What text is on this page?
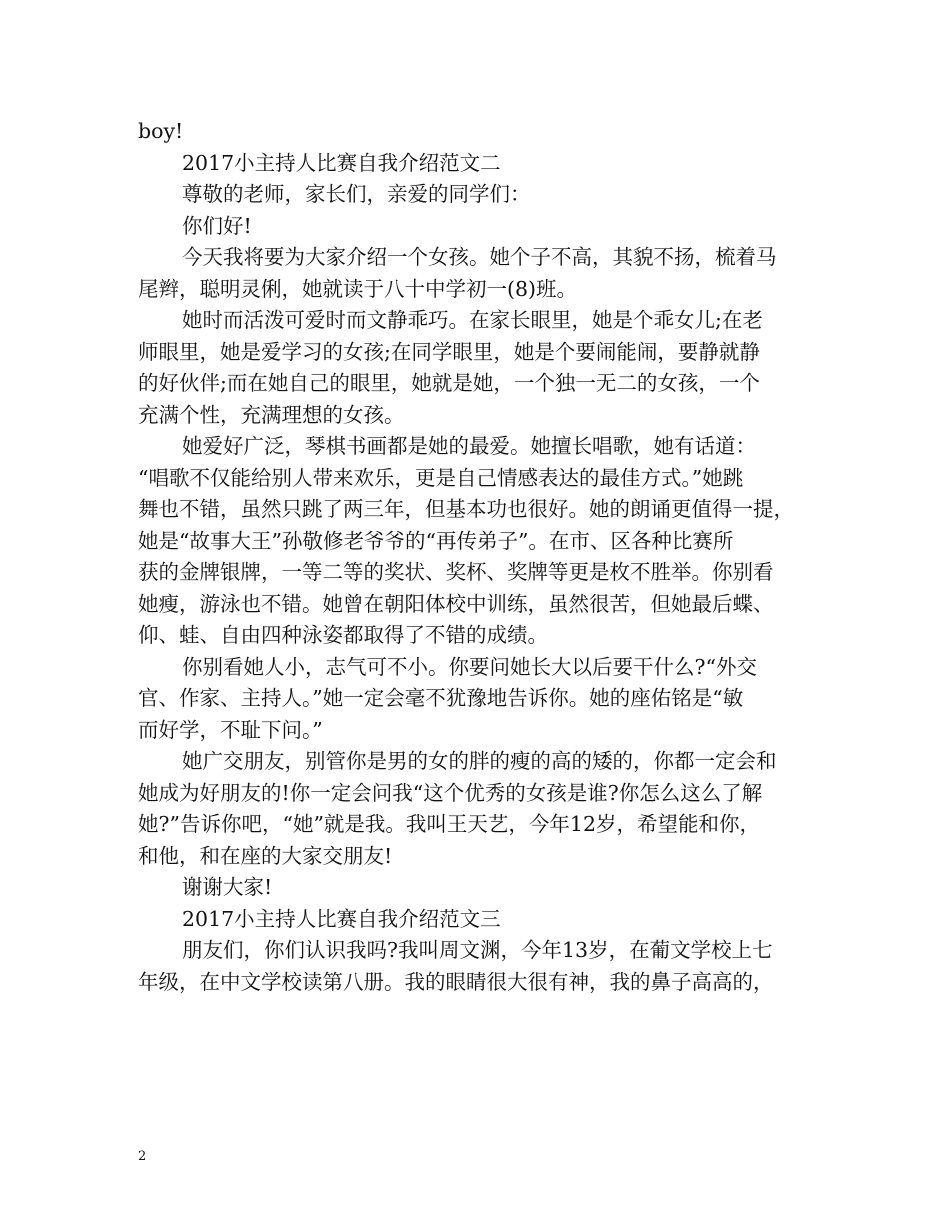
boy!
2017小主持人比赛自我介绍范文二
尊敬的老师，家长们，亲爱的同学们：
你们好!
今天我将要为大家介绍一个女孩。她个子不高，其貌不扬，梳着马
尾辫，聪明灵俐，她就读于八十中学初一(8)班。
她时而活泼可爱时而文静乖巧。在家长眼里，她是个乖女儿;在老
师眼里，她是爱学习的女孩;在同学眼里，她是个要闹能闹，要静就静
的好伙伴;而在她自己的眼里，她就是她，一个独一无二的女孩，一个
充满个性，充满理想的女孩。
她爱好广泛，琴棋书画都是她的最爱。她擅长唱歌，她有话道：
“唱歌不仅能给别人带来欢乐，更是自己情感表达的最佳方式。”她跳
舞也不错，虽然只跳了两三年，但基本功也很好。她的朗诵更值得一提，
她是“故事大王”孙敬修老爷爷的“再传弟子”。在市、区各种比赛所
获的金牌银牌，一等二等的奖状、奖杯、奖牌等更是枚不胜举。你别看
她瘦，游泳也不错。她曾在朝阳体校中训练，虽然很苦，但她最后蝶、
仰、蛙、自由四种泳姿都取得了不错的成绩。
你别看她人小，志气可不小。你要问她长大以后要干什么?“外交
官、作家、主持人。”她一定会毫不犹豫地告诉你。她的座佑铭是“敏
而好学，不耻下问。”
她广交朋友，别管你是男的女的胖的瘦的高的矮的，你都一定会和
她成为好朋友的!你一定会问我“这个优秀的女孩是谁?你怎么这么了解
她?”告诉你吧，“她”就是我。我叫王天艺，今年12岁，希望能和你，
和他，和在座的大家交朋友!
谢谢大家!
2017小主持人比赛自我介绍范文三
朋友们，你们认识我吗?我叫周文渊，今年13岁，在葡文学校上七
年级，在中文学校读第八册。我的眼睛很大很有神，我的鼻子高高的，
2
